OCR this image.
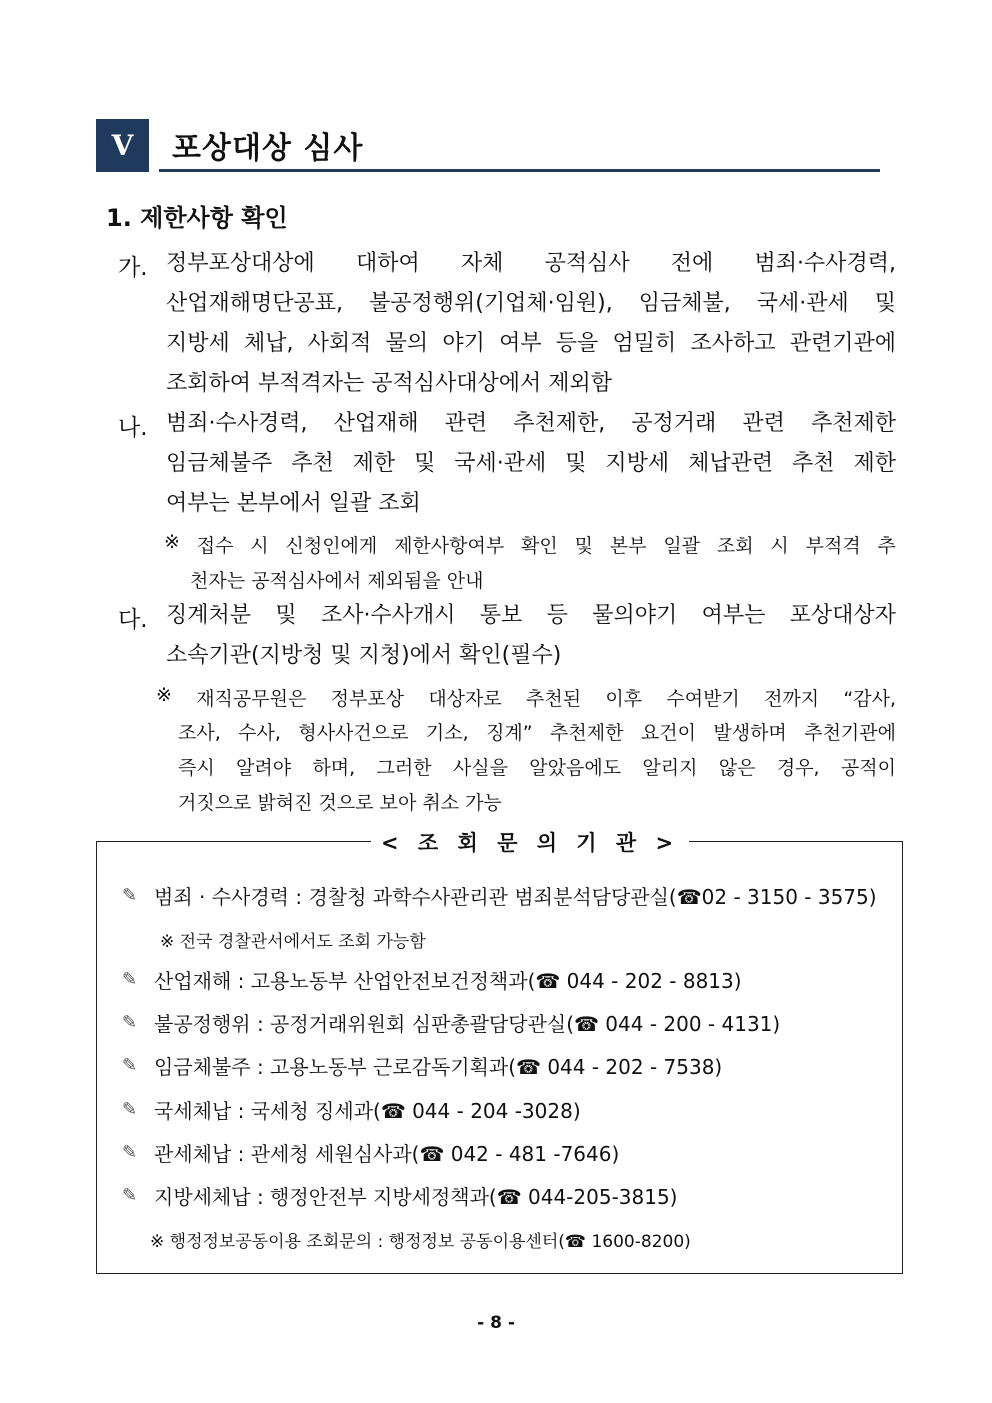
V 포상대상 심사
1. 제한사항 확인
가. 정부포상대상에 대하여 자체 공적심사 전에 범죄·수사경력,
산업재해명단공표, 불공정행위(기업체·임원), 임금체불, 국세·관세 및
지방세 체납, 사회적 물의 야기 여부 등을 엄밀히 조사하고 관련기관에
조회하여 부적격자는 공적심사대상에서 제외함
나. 범죄·수사경력, 산업재해 관련 추천제한, 공정거래 관련 추천제한
임금체불주 추천 제한 및 국세·관세 및 지방세 체납관련 추천 제한
여부는 본부에서 일괄 조회
※ 접수 시 신청인에게 제한사항여부 확인 및 본부 일괄 조회 시 부적격 추
천자는 공적심사에서 제외됨을 안내
다. 징계처분 및 조사·수사개시 통보 등 물의야기 여부는 포상대상자
소속기관(지방청 및 지청)에서 확인(필수)
※ 재직공무원은 정부포상 대상자로 추천된 이후 수여받기 전까지 “감사,
조사, 수사, 형사사건으로 기소, 징계” 추천제한 요건이 발생하며 추천기관에
즉시 알려야 하며, 그러한 사실을 알았음에도 알리지 않은 경우, 공적이
거짓으로 밝혀진 것으로 보아 취소 가능
< 조 회 문 의 기 관 >
✎ 범죄 · 수사경력 : 경찰청 과학수사관리관 범죄분석담당관실(☎02 - 3150 - 3575)
※ 전국 경찰관서에서도 조회 가능함
✎ 산업재해 : 고용노동부 산업안전보건정책과(☎ 044 - 202 - 8813)
✎ 불공정행위 : 공정거래위원회 심판총괄담당관실(☎ 044 - 200 - 4131)
✎ 임금체불주 : 고용노동부 근로감독기획과(☎ 044 - 202 - 7538)
✎ 국세체납 : 국세청 징세과(☎ 044 - 204 -3028)
✎ 관세체납 : 관세청 세원심사과(☎ 042 - 481 -7646)
✎ 지방세체납 : 행정안전부 지방세정책과(☎ 044-205-3815)
※ 행정정보공동이용 조회문의 : 행정정보 공동이용센터(☎ 1600-8200)
- 8 -
